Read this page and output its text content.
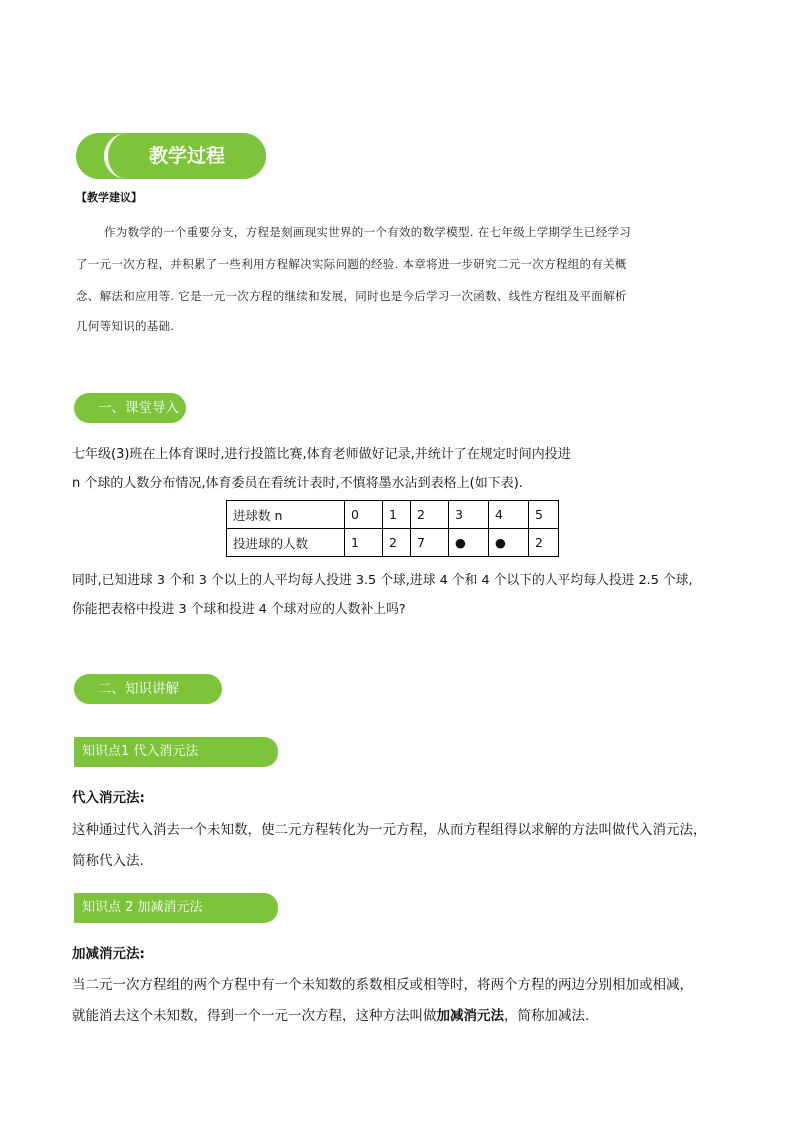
教学过程
【教学建议】
作为数学的一个重要分支，方程是刻画现实世界的一个有效的数学模型. 在七年级上学期学生已经学习
了一元一次方程，并积累了一些利用方程解决实际问题的经验. 本章将进一步研究二元一次方程组的有关概
念、解法和应用等. 它是一元一次方程的继续和发展，同时也是今后学习一次函数、线性方程组及平面解析
几何等知识的基础.
一、课堂导入
七年级(3)班在上体育课时,进行投篮比赛,体育老师做好记录,并统计了在规定时间内投进
n 个球的人数分布情况,体育委员在看统计表时,不慎将墨水沾到表格上(如下表).
进球数 n	0	1	2	3	4	5
投进球的人数	1	2	7	●	●	2
同时,已知进球 3 个和 3 个以上的人平均每人投进 3.5 个球,进球 4 个和 4 个以下的人平均每人投进 2.5 个球,
你能把表格中投进 3 个球和投进 4 个球对应的人数补上吗?
二、知识讲解
知识点1 代入消元法
代入消元法:
这种通过代入消去一个未知数，使二元方程转化为一元方程，从而方程组得以求解的方法叫做代入消元法，
简称代入法.
知识点 2 加减消元法
加减消元法:
当二元一次方程组的两个方程中有一个未知数的系数相反或相等时，将两个方程的两边分别相加或相减，
就能消去这个未知数，得到一个一元一次方程，这种方法叫做加减消元法，简称加减法.
